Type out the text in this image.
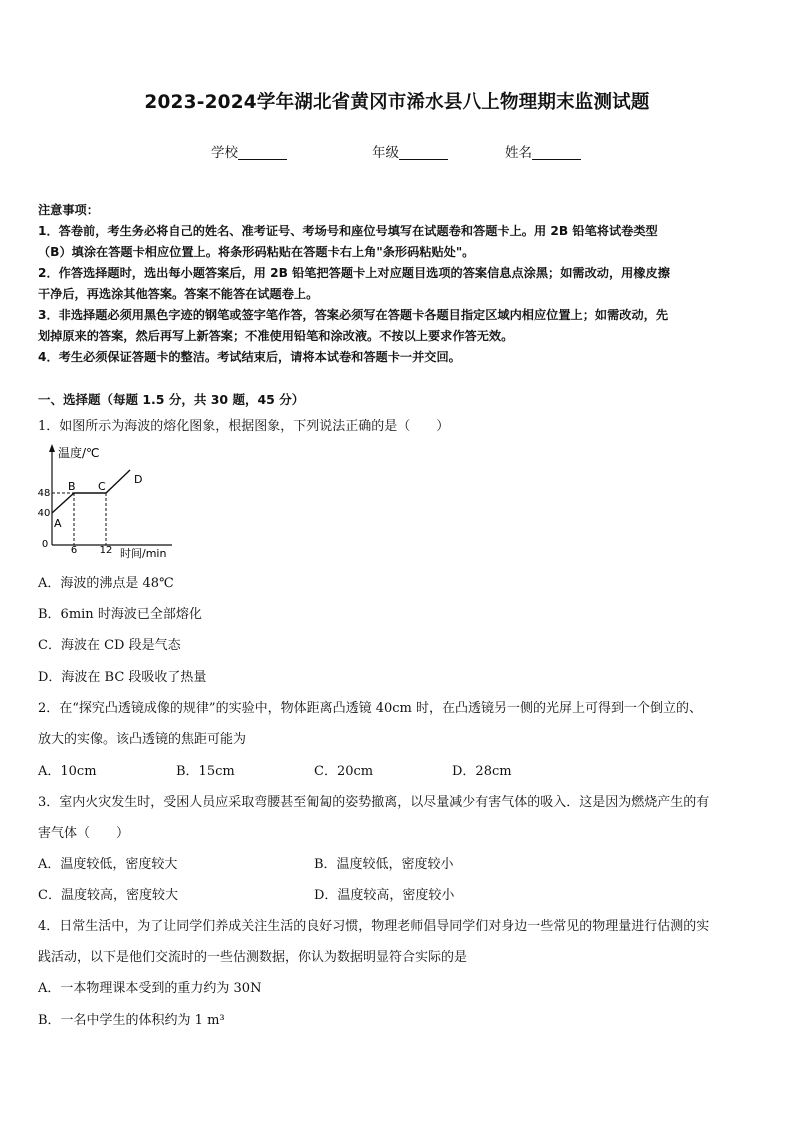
2023-2024学年湖北省黄冈市浠水县八上物理期末监测试题
学校	年级	姓名
注意事项：
1．答卷前，考生务必将自己的姓名、准考证号、考场号和座位号填写在试题卷和答题卡上。用 2B 铅笔将试卷类型
（B）填涂在答题卡相应位置上。将条形码粘贴在答题卡右上角"条形码粘贴处"。
2．作答选择题时，选出每小题答案后，用 2B 铅笔把答题卡上对应题目选项的答案信息点涂黑；如需改动，用橡皮擦
干净后，再选涂其他答案。答案不能答在试题卷上。
3．非选择题必须用黑色字迹的钢笔或签字笔作答，答案必须写在答题卡各题目指定区域内相应位置上；如需改动，先
划掉原来的答案，然后再写上新答案；不准使用铅笔和涂改液。不按以上要求作答无效。
4．考生必须保证答题卡的整洁。考试结束后，请将本试卷和答题卡一并交回。
一、选择题（每题 1.5 分，共 30 题，45 分）
1．如图所示为海波的熔化图象，根据图象，下列说法正确的是（　　）
温度/℃
时间/min
0
6 12
40
48
A
B C
D
A．海波的沸点是 48℃
B．6min 时海波已全部熔化
C．海波在 CD 段是气态
D．海波在 BC 段吸收了热量
2．在“探究凸透镜成像的规律”的实验中，物体距离凸透镜 40cm 时，在凸透镜另一侧的光屏上可得到一个倒立的、
放大的实像。该凸透镜的焦距可能为
A．10cm	B．15cm	C．20cm	D．28cm
3．室内火灾发生时，受困人员应采取弯腰甚至匍匐的姿势撤离，以尽量减少有害气体的吸入．这是因为燃烧产生的有
害气体（　　）
A．温度较低，密度较大	B．温度较低，密度较小
C．温度较高，密度较大	D．温度较高，密度较小
4．日常生活中，为了让同学们养成关注生活的良好习惯，物理老师倡导同学们对身边一些常见的物理量进行估测的实
践活动，以下是他们交流时的一些估测数据，你认为数据明显符合实际的是
A．一本物理课本受到的重力约为 30N
B．一名中学生的体积约为 1 m³
